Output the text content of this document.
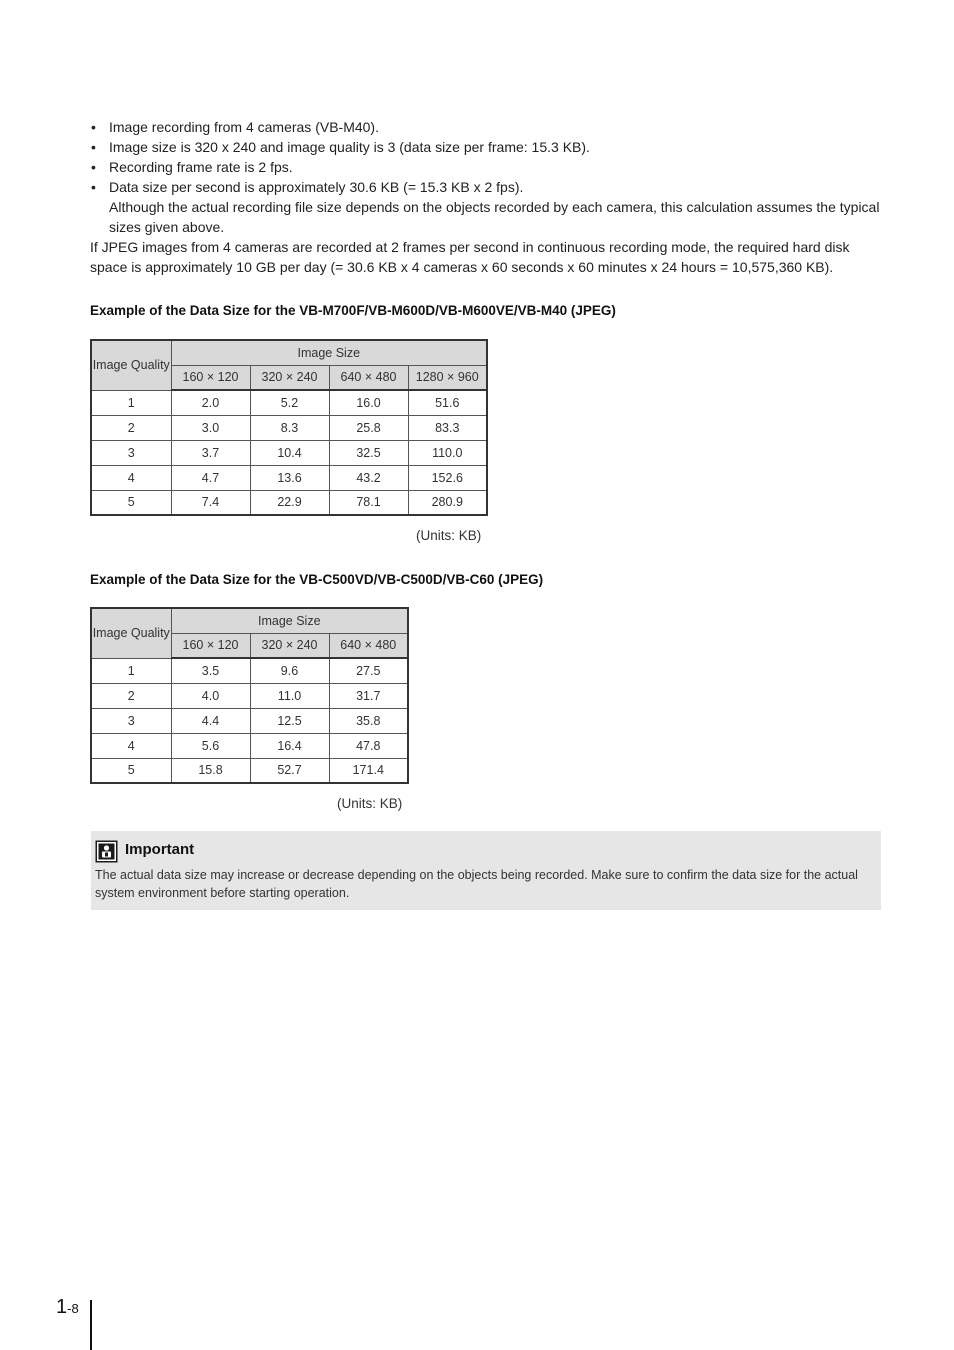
• Image recording from 4 cameras (VB-M40).
• Image size is 320 x 240 and image quality is 3 (data size per frame: 15.3 KB).
• Recording frame rate is 2 fps.
• Data size per second is approximately 30.6 KB (= 15.3 KB x 2 fps).
Although the actual recording file size depends on the objects recorded by each camera, this calculation assumes the typical sizes given above.

If JPEG images from 4 cameras are recorded at 2 frames per second in continuous recording mode, the required hard disk space is approximately 10 GB per day (= 30.6 KB x 4 cameras x 60 seconds x 60 minutes x 24 hours = 10,575,360 KB).

Example of the Data Size for the VB-M700F/VB-M600D/VB-M600VE/VB-M40 (JPEG)
Image Quality	Image Size			
	160 × 120	320 × 240	640 × 480	1280 × 960
1	2.0	5.2	16.0	51.6
2	3.0	8.3	25.8	83.3
3	3.7	10.4	32.5	110.0
4	4.7	13.6	43.2	152.6
5	7.4	22.9	78.1	280.9
(Units: KB)
Example of the Data Size for the VB-C500VD/VB-C500D/VB-C60 (JPEG)
Image Quality	Image Size		
	160 × 120	320 × 240	640 × 480
1	3.5	9.6	27.5
2	4.0	11.0	31.7
3	4.4	12.5	35.8
4	5.6	16.4	47.8
5	15.8	52.7	171.4
(Units: KB)
Important
The actual data size may increase or decrease depending on the objects being recorded. Make sure to confirm the data size for the actual system environment before starting operation.
1-8
